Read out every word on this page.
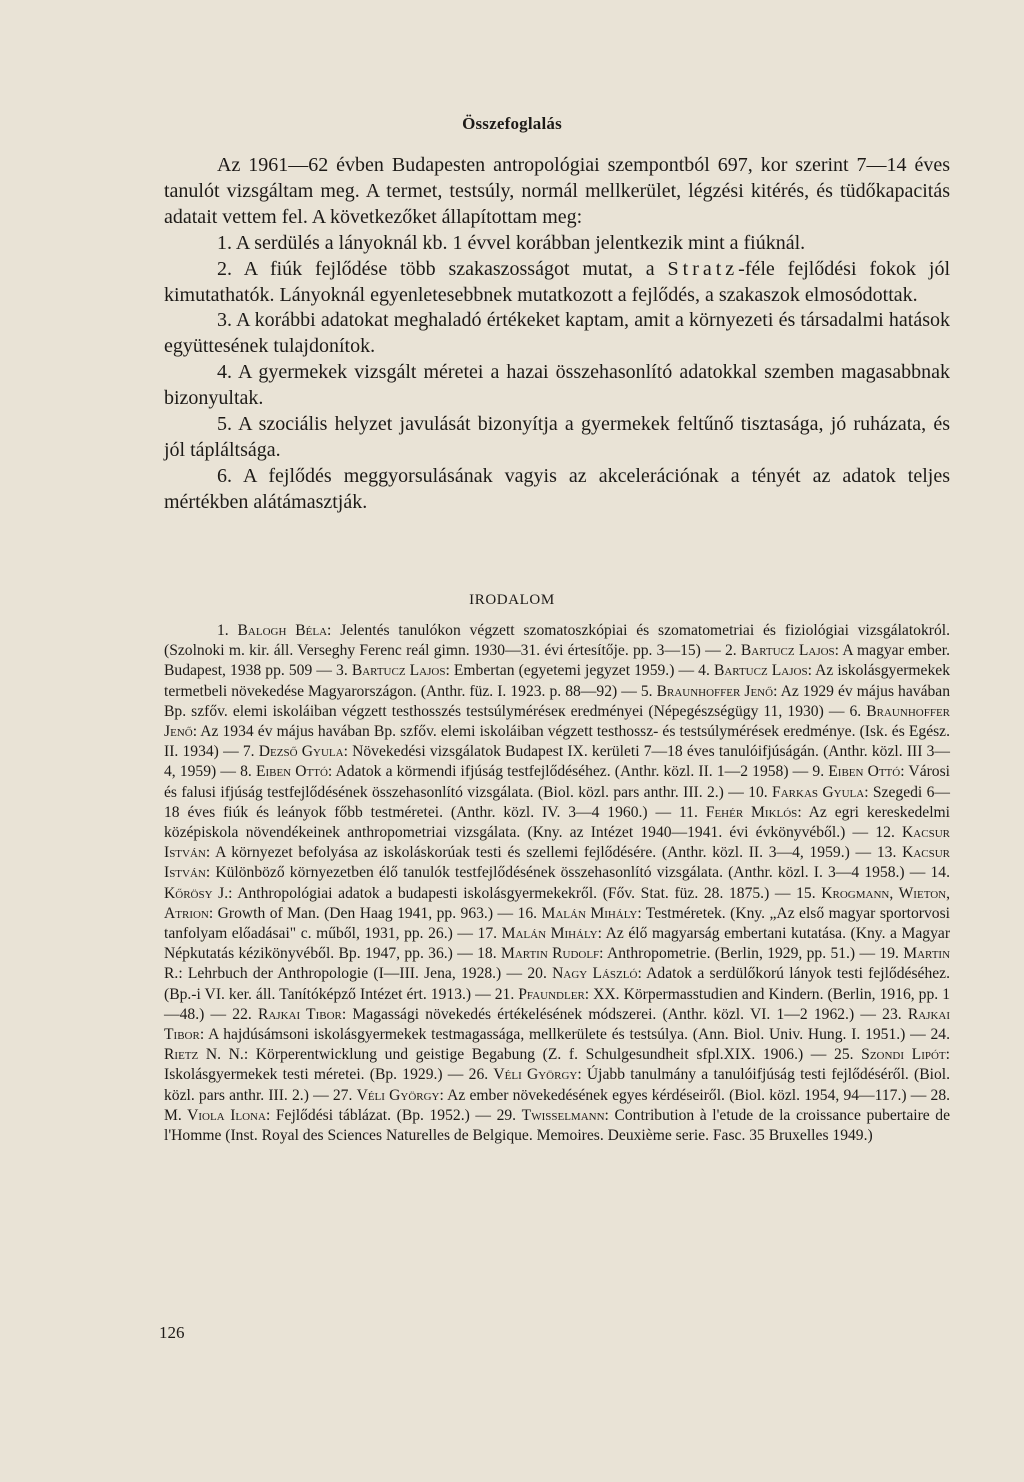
Összefoglalás

Az 1961—62 évben Budapesten antropológiai szempontból 697, kor szerint 7—14 éves tanulót vizsgáltam meg. A termet, testsúly, normál mellkerület, légzési kitérés, és tüdőkapacitás adatait vettem fel. A következőket állapítottam meg:

1. A serdülés a lányoknál kb. 1 évvel korábban jelentkezik mint a fiúknál.

2. A fiúk fejlődése több szakaszosságot mutat, a Stratz-féle fejlődési fokok jól kimutathatók. Lányoknál egyenletesebbnek mutatkozott a fejlődés, a szakaszok elmosódottak.

3. A korábbi adatokat meghaladó értékeket kaptam, amit a környezeti és társadalmi hatások együttesének tulajdonítok.

4. A gyermekek vizsgált méretei a hazai összehasonlító adatokkal szemben magasabbnak bizonyultak.

5. A szociális helyzet javulását bizonyítja a gyermekek feltűnő tisztasága, jó ruházata, és jól tápláltsága.

6. A fejlődés meggyorsulásának vagyis az akcelerációnak a tényét az adatok teljes mértékben alátámasztják.

IRODALOM
1. Balogh Béla: Jelentés tanulókon végzett szomatoszkópiai és szomatometriai és fiziológiai vizsgálatokról. (Szolnoki m. kir. áll. Verseghy Ferenc reál gimn. 1930—31. évi értesítője. pp. 3—15) — 2. Bartucz Lajos: A magyar ember. Budapest, 1938 pp. 509 — 3. Bartucz Lajos: Embertan (egyetemi jegyzet 1959.) — 4. Bartucz Lajos: Az iskolásgyermekek termetbeli növekedése Magyarországon. (Anthr. füz. I. 1923. p. 88—92) — 5. Braunhoffer Jenő: Az 1929 év május havában Bp. szfőv. elemi iskoláiban végzett testhosszés testsúlyméréseк eredményei (Népegészségügy 11, 1930) — 6. Braunhoffer Jenő: Az 1934 év május havában Bp. szfőv. elemi iskoláiban végzett testhossz- és testsúlymérések eredménye. (Isk. és Egész. II. 1934) — 7. Dezső Gyula: Növekedési vizsgálatok Budapest IX. kerületi 7—18 éves tanulóifjúságán. (Anthr. közl. III 3—4, 1959) — 8. Eiben Ottó: Adatok a körmendi ifjúság testfejlődéséhez. (Anthr. közl. II. 1—2 1958) — 9. Eiben Ottó: Városi és falusi ifjúság testfejlődésének összehasonlító vizsgálata. (Biol. közl. pars anthr. III. 2.) — 10. Farkas Gyula: Szegedi 6—18 éves fiúk és leányok főbb testméretei. (Anthr. közl. IV. 3—4 1960.) — 11. Fehér Miklós: Az egri kereskedelmi középiskola növendékeinek anthropometriai vizsgálata. (Kny. az Intézet 1940—1941. évi évkönyvéből.) — 12. Kacsur István: A környezet befolyása az iskoláskorúak testi és szellemi fejlődésére. (Anthr. közl. II. 3—4, 1959.) — 13. Kacsur István: Különböző környezetben élő tanulók testfejlődésének összehasonlító vizsgálata. (Anthr. közl. I. 3—4 1958.) — 14. Kőrösy J.: Anthropológiai adatok a budapesti iskolásgyermekekről. (Főv. Stat. füz. 28. 1875.) — 15. Krogmann, Wieton, Atrion: Growth of Man. (Den Haag 1941, pp. 963.) — 16. Malán Mihály: Testméretek. (Kny. „Az első magyar sportorvosi tanfolyam előadásai" c. műből, 1931, pp. 26.) — 17. Malán Mihály: Az élő magyarság embertani kutatása. (Kny. a Magyar Népkutatás kézikönyvéből. Bp. 1947, pp. 36.) — 18. Martin Rudolf: Anthropometrie. (Berlin, 1929, pp. 51.) — 19. Martin R.: Lehrbuch der Anthropologie (I—III. Jena, 1928.) — 20. Nagy László: Adatok a serdülőkorú lányok testi fejlődéséhez. (Bp.-i VI. ker. áll. Tanítóképző Intézet ért. 1913.) — 21. Pfaundler: XX. Körpermasstudien and Kindern. (Berlin, 1916, pp. 1—48.) — 22. Rajkai Tibor: Magassági növekedés értékelésének módszerei. (Anthr. közl. VI. 1—2 1962.) — 23. Rajkai Tibor: A hajdúsámsoni iskolásgyermekek testmagassága, mellkerülete és testsúlya. (Ann. Biol. Univ. Hung. I. 1951.) — 24. Rietz N. N.: Körperentwicklung und geistige Begabung (Z. f. Schulgesundheit sfpl.XIX. 1906.) — 25. Szondi Lipót: Iskolásgyermekek testi méretei. (Bp. 1929.) — 26. Véli György: Újabb tanulmány a tanulóifjúság testi fejlődéséről. (Biol. közl. pars anthr. III. 2.) — 27. Véli György: Az ember növekedésének egyes kérdéseiről. (Biol. közl. 1954, 94—117.) — 28. M. Viola Ilona: Fejlődési táblázat. (Bp. 1952.) — 29. Twisselmann: Contribution à l'etude de la croissance pubertaire de l'Homme (Inst. Royal des Sciences Naturelles de Belgique. Memoires. Deuxième serie. Fasc. 35 Bruxelles 1949.)
126
